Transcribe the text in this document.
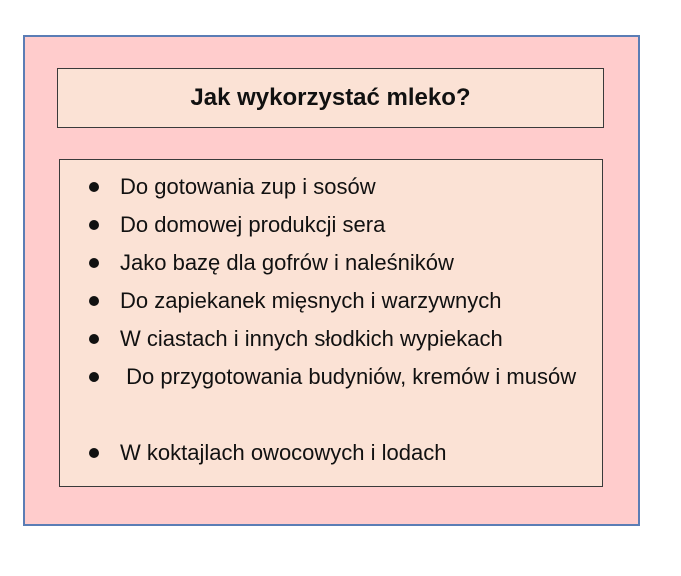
Jak wykorzystać mleko?
Do gotowania zup i sosów
Do domowej produkcji sera
Jako bazę dla gofrów i naleśników
Do zapiekanek mięsnych i warzywnych
W ciastach i innych słodkich wypiekach
Do przygotowania budyniów, kremów i musów
W koktajlach owocowych i lodach
